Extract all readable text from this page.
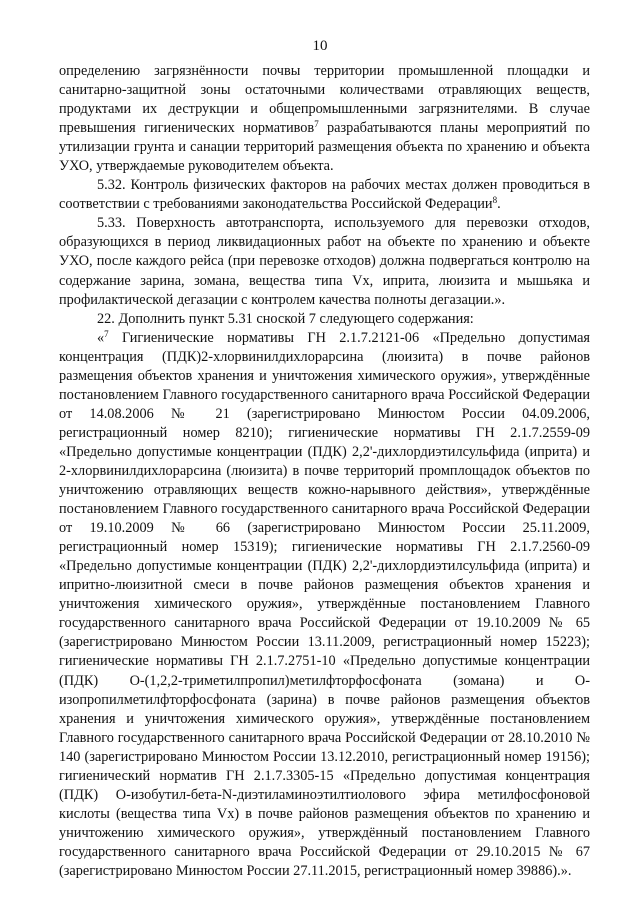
10

определению загрязнённости почвы территории промышленной площадки и санитарно-защитной зоны остаточными количествами отравляющих веществ, продуктами их деструкции и общепромышленными загрязнителями. В случае превышения гигиенических нормативов$^7$ разрабатываются планы мероприятий по утилизации грунта и санации территорий размещения объекта по хранению и объекта УХО, утверждаемые руководителем объекта.

5.32. Контроль физических факторов на рабочих местах должен проводиться в соответствии с требованиями законодательства Российской Федерации$^8$.

5.33. Поверхность автотранспорта, используемого для перевозки отходов, образующихся в период ликвидационных работ на объекте по хранению и объекте УХО, после каждого рейса (при перевозке отходов) должна подвергаться контролю на содержание зарина, зомана, вещества типа Vx, иприта, люизита и мышьяка и профилактической дегазации с контролем качества полноты дегазации.».

22. Дополнить пункт 5.31 сноской 7 следующего содержания:

«$^7$ Гигиенические нормативы ГН 2.1.7.2121-06 «Предельно допустимая концентрация (ПДК)2-хлорвинилдихлорарсина (люизита) в почве районов размещения объектов хранения и уничтожения химического оружия», утверждённые постановлением Главного государственного санитарного врача Российской Федерации от 14.08.2006 № 21 (зарегистрировано Минюстом России 04.09.2006, регистрационный номер 8210); гигиенические нормативы ГН 2.1.7.2559-09 «Предельно допустимые концентрации (ПДК) 2,2'-дихлордиэтилсульфида (иприта) и 2-хлорвинилдихлорарсина (люизита) в почве территорий промплощадок объектов по уничтожению отравляющих веществ кожно-нарывного действия», утверждённые постановлением Главного государственного санитарного врача Российской Федерации от 19.10.2009 № 66 (зарегистрировано Минюстом России 25.11.2009, регистрационный номер 15319); гигиенические нормативы ГН 2.1.7.2560-09 «Предельно допустимые концентрации (ПДК) 2,2'-дихлордиэтилсульфида (иприта) и ипритно-люизитной смеси в почве районов размещения объектов хранения и уничтожения химического оружия», утверждённые постановлением Главного государственного санитарного врача Российской Федерации от 19.10.2009 № 65 (зарегистрировано Минюстом России 13.11.2009, регистрационный номер 15223); гигиенические нормативы ГН 2.1.7.2751-10 «Предельно допустимые концентрации (ПДК) O-(1,2,2-триметилпропил)метилфторфосфоната (зомана) и O-изопропилметилфторфосфоната (зарина) в почве районов размещения объектов хранения и уничтожения химического оружия», утверждённые постановлением Главного государственного санитарного врача Российской Федерации от 28.10.2010 № 140 (зарегистрировано Минюстом России 13.12.2010, регистрационный номер 19156); гигиенический норматив ГН 2.1.7.3305-15 «Предельно допустимая концентрация (ПДК) O-изобутил-бета-N-диэтиламиноэтилтиолового эфира метилфосфоновой кислоты (вещества типа Vx) в почве районов размещения объектов по хранению и уничтожению химического оружия», утверждённый постановлением Главного государственного санитарного врача Российской Федерации от 29.10.2015 № 67 (зарегистрировано Минюстом России 27.11.2015, регистрационный номер 39886).».
